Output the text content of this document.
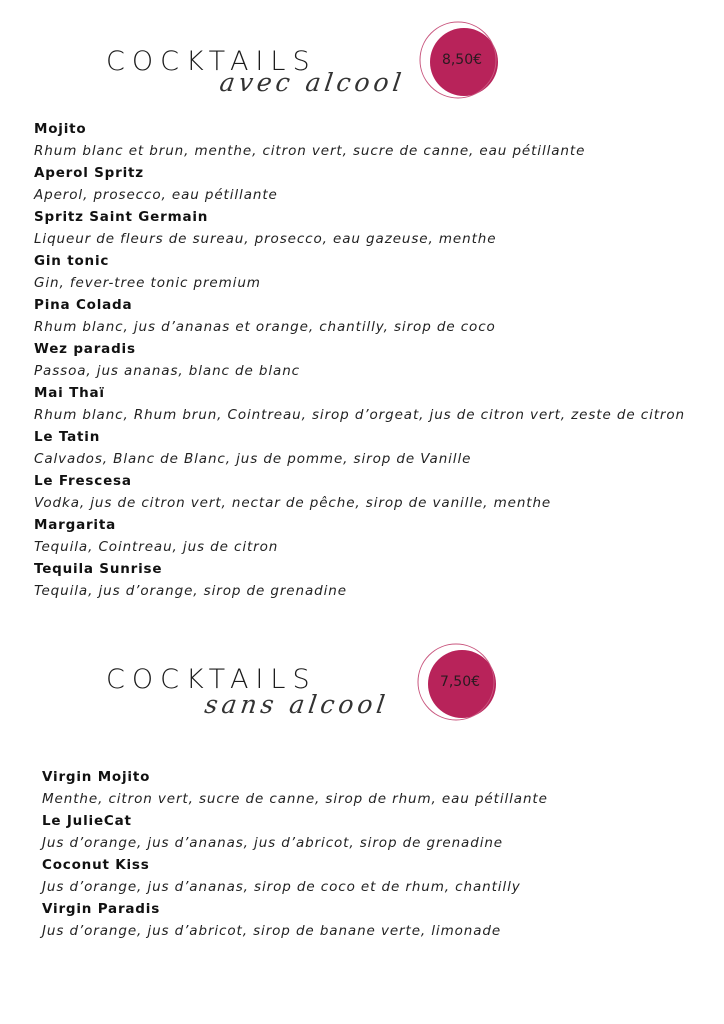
COCKTAILS
avec alcool
8,50€
Mojito
Rhum blanc et brun, menthe, citron vert, sucre de canne, eau pétillante
Aperol Spritz
Aperol, prosecco, eau pétillante
Spritz Saint Germain
Liqueur de fleurs de sureau, prosecco, eau gazeuse, menthe
Gin tonic
Gin, fever-tree tonic premium
Pina Colada
Rhum blanc, jus d’ananas et orange, chantilly, sirop de coco
Wez paradis
Passoa, jus ananas, blanc de blanc
Mai Thaï
Rhum blanc, Rhum brun, Cointreau, sirop d’orgeat, jus de citron vert, zeste de citron
Le Tatin
Calvados, Blanc de Blanc, jus de pomme, sirop de Vanille
Le Frescesa
Vodka, jus de citron vert, nectar de pêche, sirop de vanille, menthe
Margarita
Tequila, Cointreau, jus de citron
Tequila Sunrise
Tequila, jus d’orange, sirop de grenadine
COCKTAILS
sans alcool
7,50€
Virgin Mojito
Menthe, citron vert, sucre de canne, sirop de rhum, eau pétillante
Le JulieCat
Jus d’orange, jus d’ananas, jus d’abricot, sirop de grenadine
Coconut Kiss
Jus d’orange, jus d’ananas, sirop de coco et de rhum, chantilly
Virgin Paradis
Jus d’orange, jus d’abricot, sirop de banane verte, limonade
